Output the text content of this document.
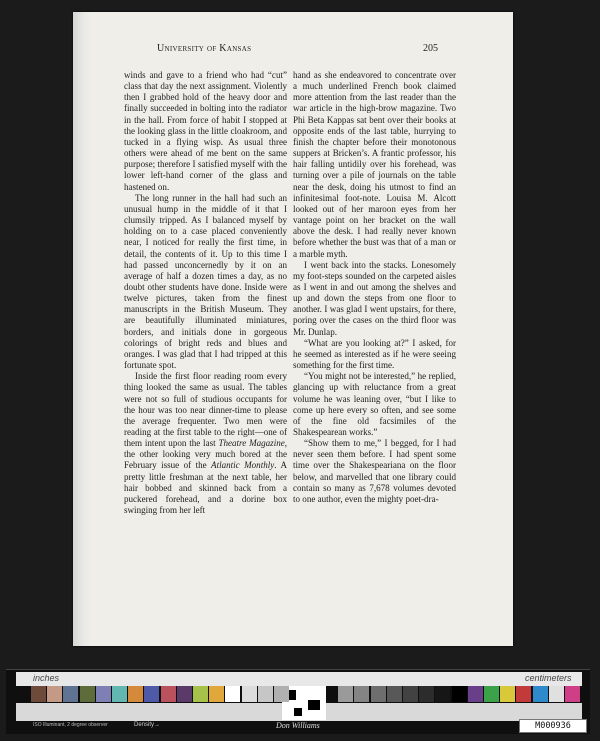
University of Kansas	205

winds and gave to a friend who had “cut” class that day the next assignment. Violently then I grabbed hold of the heavy door and finally succeeded in bolting into the radiator in the hall. From force of habit I stopped at the looking glass in the little cloakroom, and tucked in a flying wisp. As usual three others were ahead of me bent on the same purpose; therefore I satisfied myself with the lower left-hand corner of the glass and hastened on.

The long runner in the hall had such an unusual hump in the middle of it that I clumsily tripped. As I balanced myself by holding on to a case placed conveniently near, I noticed for really the first time, in detail, the contents of it. Up to this time I had passed unconcernedly by it on an average of half a dozen times a day, as no doubt other students have done. Inside were twelve pictures, taken from the finest manuscripts in the British Museum. They are beautifully illuminated miniatures, borders, and initials done in gorgeous colorings of bright reds and blues and oranges. I was glad that I had tripped at this fortunate spot.

Inside the first floor reading room every thing looked the same as usual. The tables were not so full of studious occupants for the hour was too near dinner-time to please the average frequenter. Two men were reading at the first table to the right—one of them intent upon the last Theatre Magazine, the other looking very much bored at the February issue of the Atlantic Monthly. A pretty little freshman at the next table, her hair bobbed and skinned back from a puckered forehead, and a dorine box swinging from her left

hand as she endeavored to concentrate over a much underlined French book claimed more attention from the last reader than the war article in the high-brow magazine. Two Phi Beta Kappas sat bent over their books at opposite ends of the last table, hurrying to finish the chapter before their monotonous suppers at Bricken’s. A frantic professor, his hair falling untidily over his forehead, was turning over a pile of journals on the table near the desk, doing his utmost to find an infinitesimal foot-note. Louisa M. Alcott looked out of her maroon eyes from her vantage point on her bracket on the wall above the desk. I had really never known before whether the bust was that of a man or a marble myth.

I went back into the stacks. Lonesomely my foot-steps sounded on the carpeted aisles as I went in and out among the shelves and up and down the steps from one floor to another. I was glad I went upstairs, for there, poring over the cases on the third floor was Mr. Dunlap.

“What are you looking at?” I asked, for he seemed as interested as if he were seeing something for the first time.

“You might not be interested,” he replied, glancing up with reluctance from a great volume he was leaning over, “but I like to come up here every so often, and see some of the fine old facsimiles of the Shakespearean works.”

“Show them to me,” I begged, for I had never seen them before. I had spent some time over the Shakespeariana on the floor below, and marvelled that one library could contain so many as 7,678 volumes devoted to one author, even the mighty poet-dra-

inches	centimeters
ISO Illuminant, 2 degree observer	Density→	Don Williams	M000936
